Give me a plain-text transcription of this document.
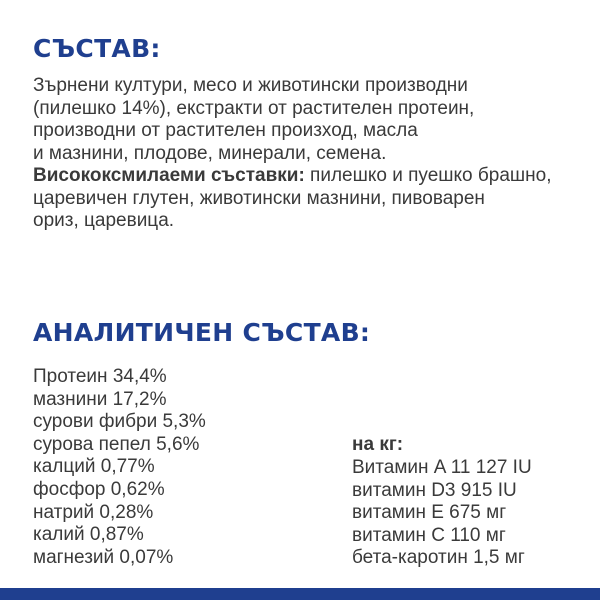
СЪСТАВ:

Зърнени култури, месо и животински производни

(пилешко 14%), екстракти от растителен протеин,

производни от растителен произход, масла

и мазнини, плодове, минерали, семена.

Висококсмилаеми съставки: пилешко и пуешко брашно,

царевичен глутен, животински мазнини, пивоварен

ориз, царевица.

АНАЛИТИЧЕН СЪСТАВ:
Протеин 34,4%
мазнини 17,2%
сурови фибри 5,3%
сурова пепел 5,6%
калций 0,77%
фосфор 0,62%
натрий 0,28%
калий 0,87%
магнезий 0,07%

на кг:

Витамин A 11 127 IU
витамин D3 915 IU
витамин E 675 мг
витамин C 110 мг
бета-каротин 1,5 мг
